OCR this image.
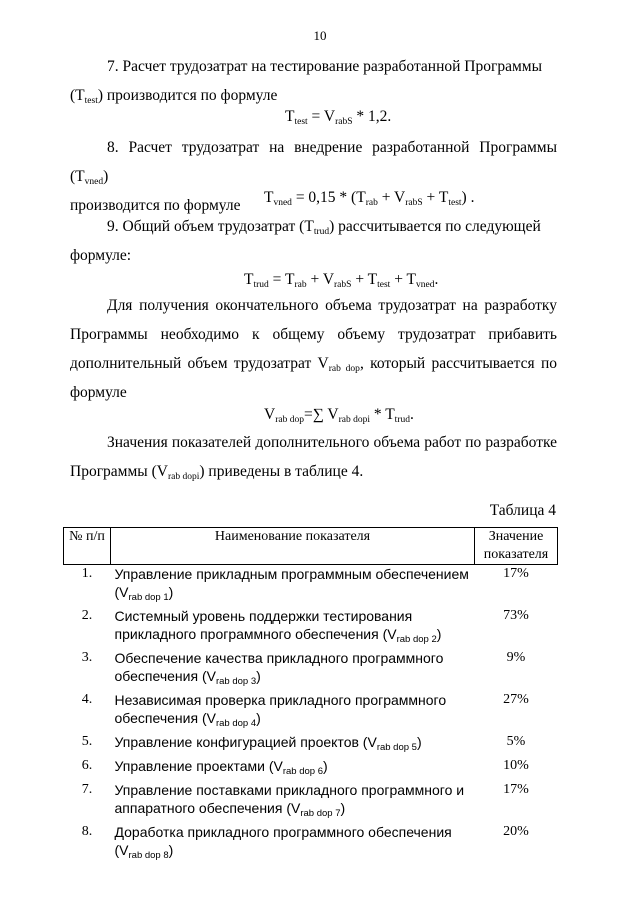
10
7. Расчет трудозатрат на тестирование разработанной Программы
$(T_{test})$ производится по формуле
$T_{test} = V_{rabS} * 1,2$.
8. Расчет трудозатрат на внедрение разработанной Программы $(T_{vned})$
производится по формуле	$T_{vned} = 0,15 * (T_{rab} + V_{rabS} + T_{test})$ .
9. Общий объем трудозатрат $(T_{trud})$ рассчитывается по следующей
формуле:
$T_{trud} = T_{rab} + V_{rabS} + T_{test} + T_{vned}$.
Для получения окончательного объема трудозатрат на разработку Программы необходимо к общему объему трудозатрат прибавить дополнительный объем трудозатрат $V_{rab dop}$, который рассчитывается по формуле
$V_{rab dop}=\sum$ $V_{rab dopi} * T_{trud}$.
Значения показателей дополнительного объема работ по разработке Программы $(V_{rab dopi})$ приведены в таблице 4.
Таблица 4
№ п/п	Наименование показателя	Значение показателя
1.	Управление прикладным программным обеспечением $(V_{rab dop 1})$	17%
2.	Системный уровень поддержки тестирования прикладного программного обеспечения $(V_{rab dop 2})$	73%
3.	Обеспечение качества прикладного программного обеспечения $(V_{rab dop 3})$	9%
4.	Независимая проверка прикладного программного обеспечения $(V_{rab dop 4})$	27%
5.	Управление конфигурацией проектов $(V_{rab dop 5})$	5%
6.	Управление проектами $(V_{rab dop 6})$	10%
7.	Управление поставками прикладного программного и аппаратного обеспечения $(V_{rab dop 7})$	17%
8.	Доработка прикладного программного обеспечения $(V_{rab dop 8})$	20%
